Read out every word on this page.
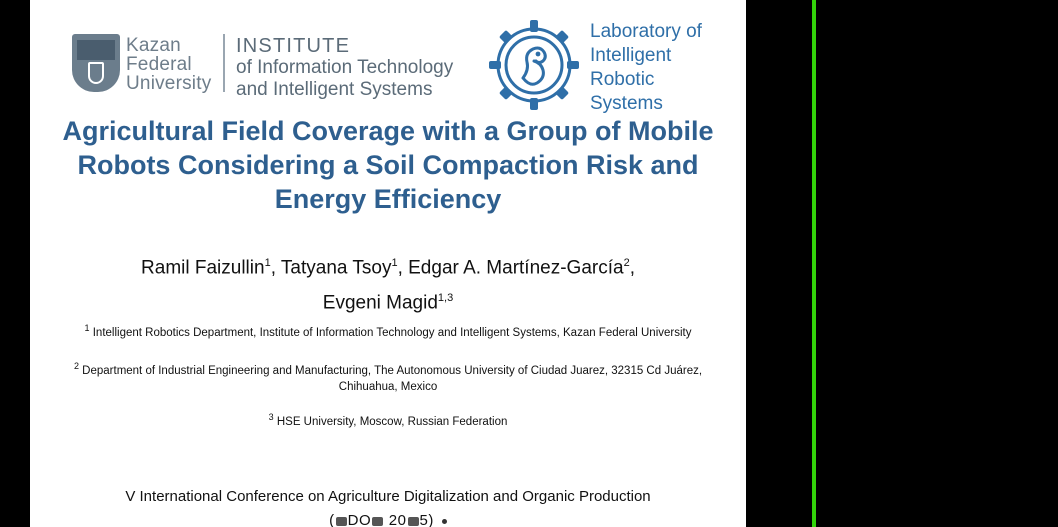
Kazan
Federal
University
INSTITUTE
of Information Technology
and Intelligent Systems
Laboratory of
Intelligent
Robotic
Systems
Agricultural Field Coverage with a Group of Mobile Robots Considering a Soil Compaction Risk and Energy Efficiency
Ramil Faizullin$^1$, Tatyana Tsoy$^1$, Edgar A. Martínez-García$^2$,
Evgeni Magid$^{1,3}$
$^1$ Intelligent Robotics Department, Institute of Information Technology and Intelligent Systems, Kazan Federal University
$^2$ Department of Industrial Engineering and Manufacturing, The Autonomous University of Ciudad Juarez, 32315 Cd Juárez, Chihuahua, Mexico
$^3$ HSE University, Moscow, Russian Federation
V International Conference on Agriculture Digitalization and Organic Production
( DO 20 5)
